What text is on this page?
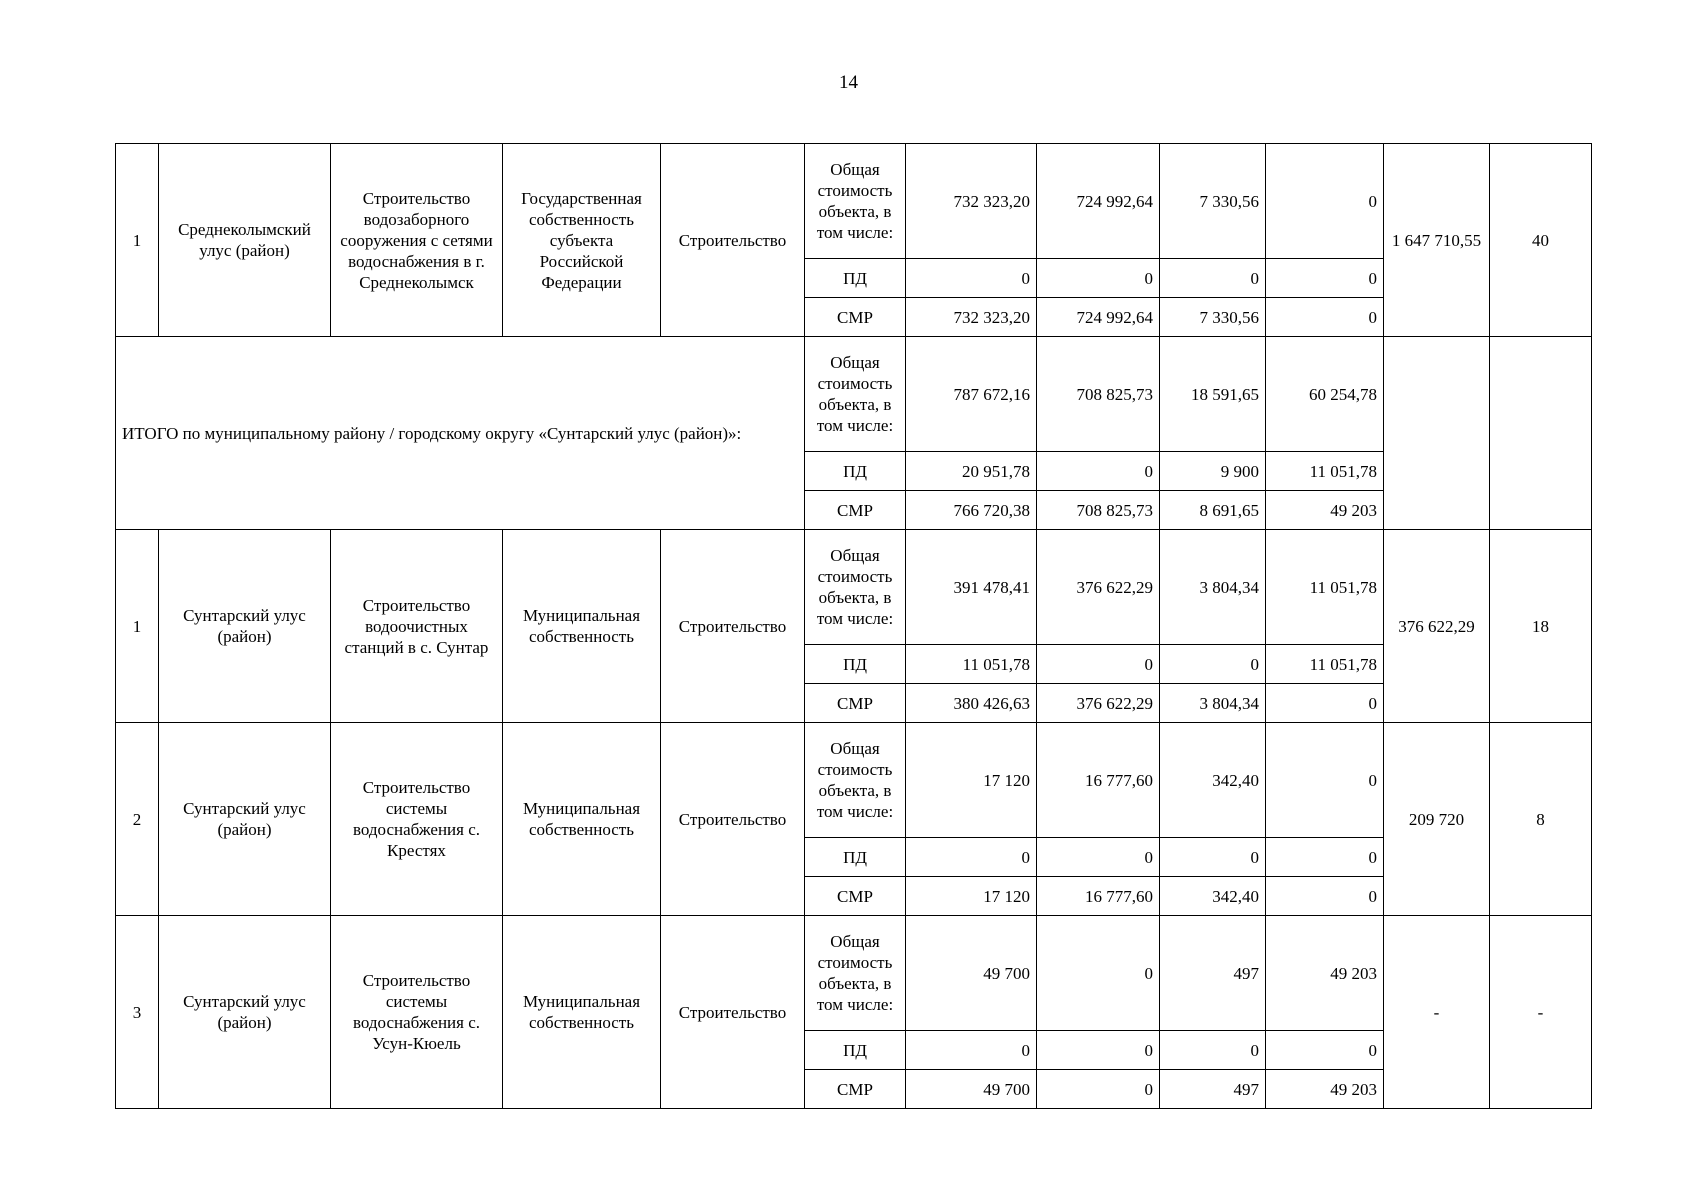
14
1	Среднеколымский улус (район)	Строительство водозаборного сооружения с сетями водоснабжения в г. Среднеколымск	Государственная собственность субъекта Российской Федерации	Строительство	Общая стоимость объекта, в том числе:	732 323,20	724 992,64	7 330,56	0	1 647 710,55	40
					ПД	0	0	0	0		
					СМР	732 323,20	724 992,64	7 330,56	0		
ИТОГО по муниципальному району / городскому округу «Сунтарский улус (район)»:					Общая стоимость объекта, в том числе:	787 672,16	708 825,73	18 591,65	60 254,78		
					ПД	20 951,78	0	9 900	11 051,78		
					СМР	766 720,38	708 825,73	8 691,65	49 203		
1	Сунтарский улус (район)	Строительство водоочистных станций в с. Сунтар	Муниципальная собственность	Строительство	Общая стоимость объекта, в том числе:	391 478,41	376 622,29	3 804,34	11 051,78	376 622,29	18
					ПД	11 051,78	0	0	11 051,78		
					СМР	380 426,63	376 622,29	3 804,34	0		
2	Сунтарский улус (район)	Строительство системы водоснабжения с. Крестях	Муниципальная собственность	Строительство	Общая стоимость объекта, в том числе:	17 120	16 777,60	342,40	0	209 720	8
					ПД	0	0	0	0		
					СМР	17 120	16 777,60	342,40	0		
3	Сунтарский улус (район)	Строительство системы водоснабжения с. Усун-Кюель	Муниципальная собственность	Строительство	Общая стоимость объекта, в том числе:	49 700	0	497	49 203	-	-
					ПД	0	0	0	0		
					СМР	49 700	0	497	49 203		
